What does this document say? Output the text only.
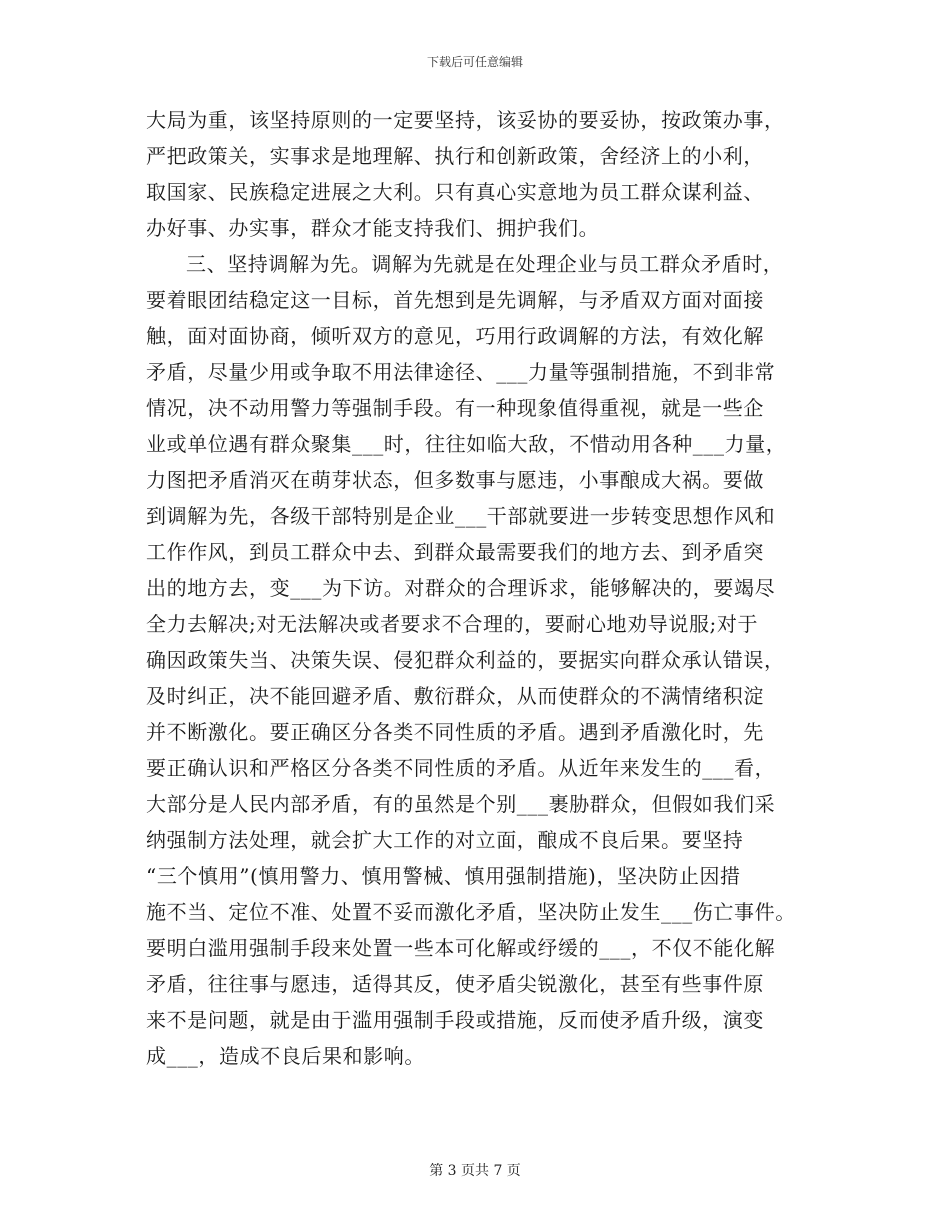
下载后可任意编辑
大局为重，该坚持原则的一定要坚持，该妥协的要妥协，按政策办事，
严把政策关，实事求是地理解、执行和创新政策，舍经济上的小利，
取国家、民族稳定进展之大利。只有真心实意地为员工群众谋利益、
办好事、办实事，群众才能支持我们、拥护我们。
三、坚持调解为先。调解为先就是在处理企业与员工群众矛盾时，
要着眼团结稳定这一目标，首先想到是先调解，与矛盾双方面对面接
触，面对面协商，倾听双方的意见，巧用行政调解的方法，有效化解
矛盾，尽量少用或争取不用法律途径、___力量等强制措施，不到非常
情况，决不动用警力等强制手段。有一种现象值得重视，就是一些企
业或单位遇有群众聚集___时，往往如临大敌，不惜动用各种___力量，
力图把矛盾消灭在萌芽状态，但多数事与愿违，小事酿成大祸。要做
到调解为先，各级干部特别是企业___干部就要进一步转变思想作风和
工作作风，到员工群众中去、到群众最需要我们的地方去、到矛盾突
出的地方去，变___为下访。对群众的合理诉求，能够解决的，要竭尽
全力去解决;对无法解决或者要求不合理的，要耐心地劝导说服;对于
确因政策失当、决策失误、侵犯群众利益的，要据实向群众承认错误，
及时纠正，决不能回避矛盾、敷衍群众，从而使群众的不满情绪积淀
并不断激化。要正确区分各类不同性质的矛盾。遇到矛盾激化时，先
要正确认识和严格区分各类不同性质的矛盾。从近年来发生的___看，
大部分是人民内部矛盾，有的虽然是个别___裹胁群众，但假如我们采
纳强制方法处理，就会扩大工作的对立面，酿成不良后果。要坚持
“三个慎用”(慎用警力、慎用警械、慎用强制措施)，坚决防止因措
施不当、定位不准、处置不妥而激化矛盾，坚决防止发生___伤亡事件。
要明白滥用强制手段来处置一些本可化解或纾缓的___，不仅不能化解
矛盾，往往事与愿违，适得其反，使矛盾尖锐激化，甚至有些事件原
来不是问题，就是由于滥用强制手段或措施，反而使矛盾升级，演变
成___，造成不良后果和影响。
第 3 页共 7 页
